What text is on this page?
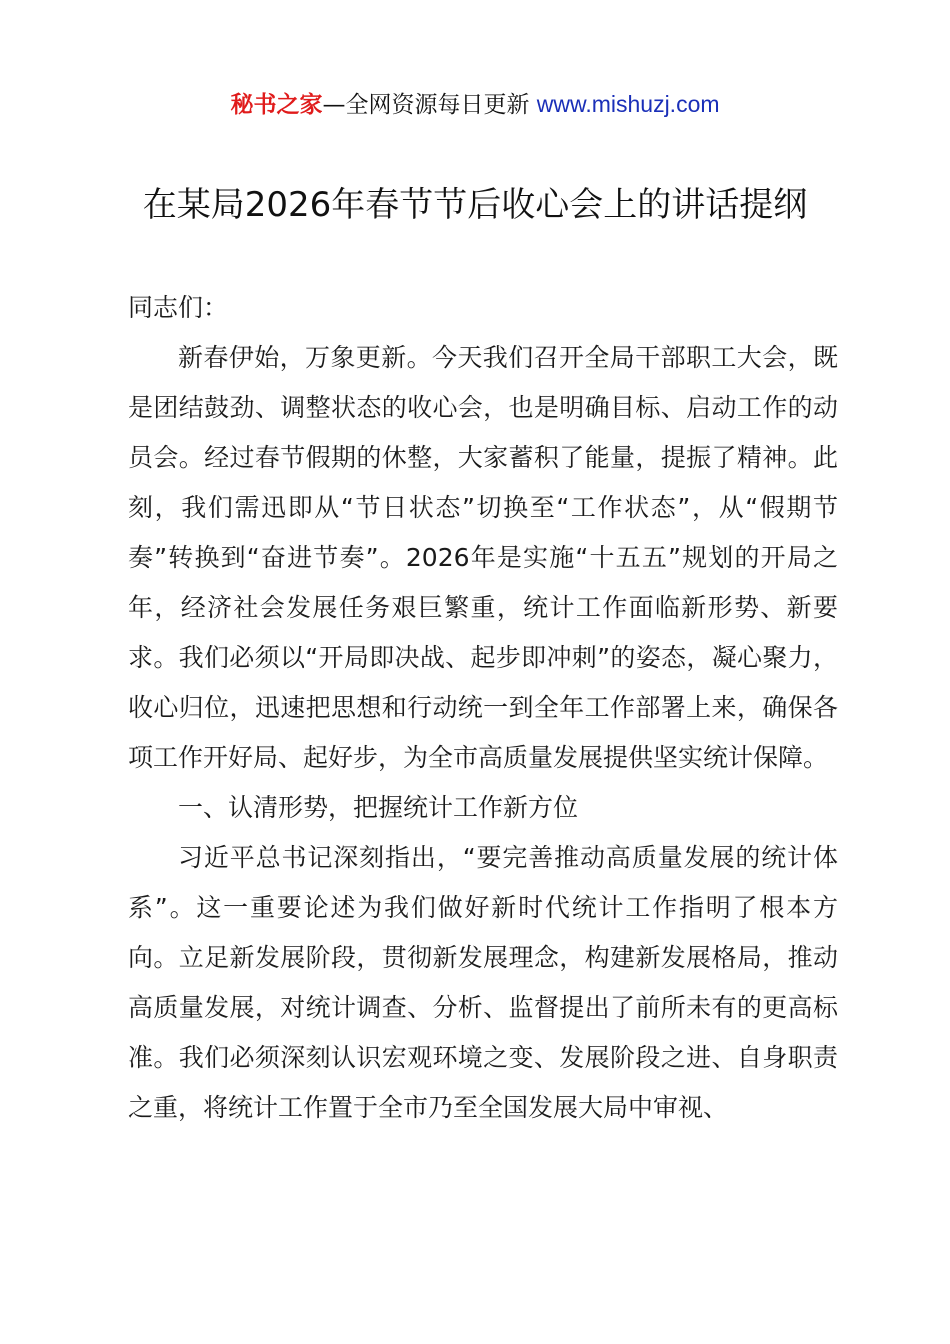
秘书之家—全网资源每日更新 www.mishuzj.com
在某局2026年春节节后收心会上的讲话提纲

同志们：

新春伊始，万象更新。今天我们召开全局干部职工大会，既是团结鼓劲、调整状态的收心会，也是明确目标、启动工作的动员会。经过春节假期的休整，大家蓄积了能量，提振了精神。此刻，我们需迅即从“节日状态”切换至“工作状态”，从“假期节奏”转换到“奋进节奏”。2026年是实施“十五五”规划的开局之年，经济社会发展任务艰巨繁重，统计工作面临新形势、新要求。我们必须以“开局即决战、起步即冲刺”的姿态，凝心聚力，收心归位，迅速把思想和行动统一到全年工作部署上来，确保各项工作开好局、起好步，为全市高质量发展提供坚实统计保障。

一、认清形势，把握统计工作新方位

习近平总书记深刻指出，“要完善推动高质量发展的统计体系”。这一重要论述为我们做好新时代统计工作指明了根本方向。立足新发展阶段，贯彻新发展理念，构建新发展格局，推动高质量发展，对统计调查、分析、监督提出了前所未有的更高标准。我们必须深刻认识宏观环境之变、发展阶段之进、自身职责之重，将统计工作置于全市乃至全国发展大局中审视、
